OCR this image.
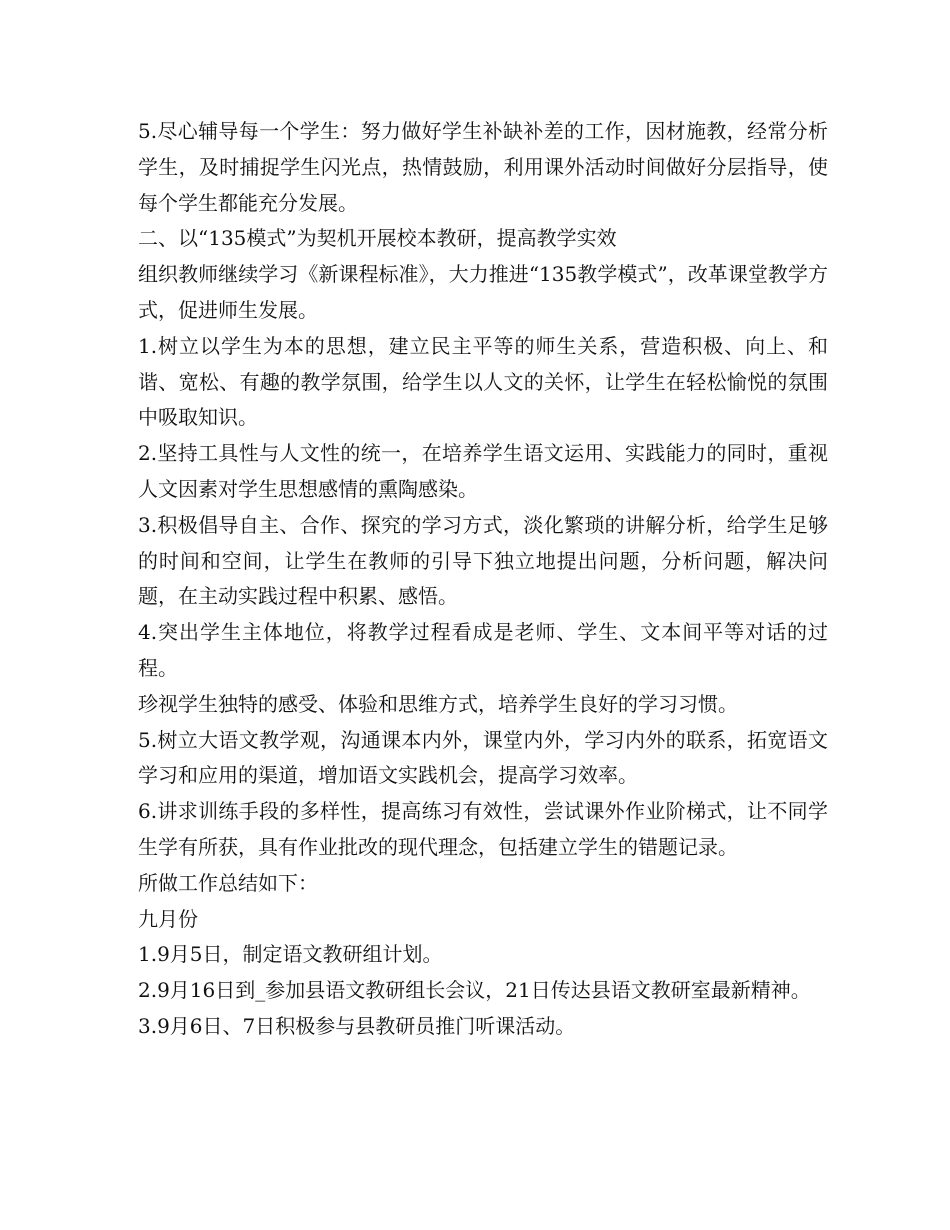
5.尽心辅导每一个学生：努力做好学生补缺补差的工作，因材施教，经常分析学生，及时捕捉学生闪光点，热情鼓励，利用课外活动时间做好分层指导，使每个学生都能充分发展。

二、以“135模式”为契机开展校本教研，提高教学实效

组织教师继续学习《新课程标准》，大力推进“135教学模式”，改革课堂教学方式，促进师生发展。

1.树立以学生为本的思想，建立民主平等的师生关系，营造积极、向上、和谐、宽松、有趣的教学氛围，给学生以人文的关怀，让学生在轻松愉悦的氛围中吸取知识。

2.坚持工具性与人文性的统一，在培养学生语文运用、实践能力的同时，重视人文因素对学生思想感情的熏陶感染。

3.积极倡导自主、合作、探究的学习方式，淡化繁琐的讲解分析，给学生足够的时间和空间，让学生在教师的引导下独立地提出问题，分析问题，解决问题，在主动实践过程中积累、感悟。

4.突出学生主体地位，将教学过程看成是老师、学生、文本间平等对话的过程。

珍视学生独特的感受、体验和思维方式，培养学生良好的学习习惯。

5.树立大语文教学观，沟通课本内外，课堂内外，学习内外的联系，拓宽语文学习和应用的渠道，增加语文实践机会，提高学习效率。

6.讲求训练手段的多样性，提高练习有效性，尝试课外作业阶梯式，让不同学生学有所获，具有作业批改的现代理念，包括建立学生的错题记录。

所做工作总结如下：

九月份

1.9月5日，制定语文教研组计划。

2.9月16日到_参加县语文教研组长会议，21日传达县语文教研室最新精神。

3.9月6日、7日积极参与县教研员推门听课活动。
